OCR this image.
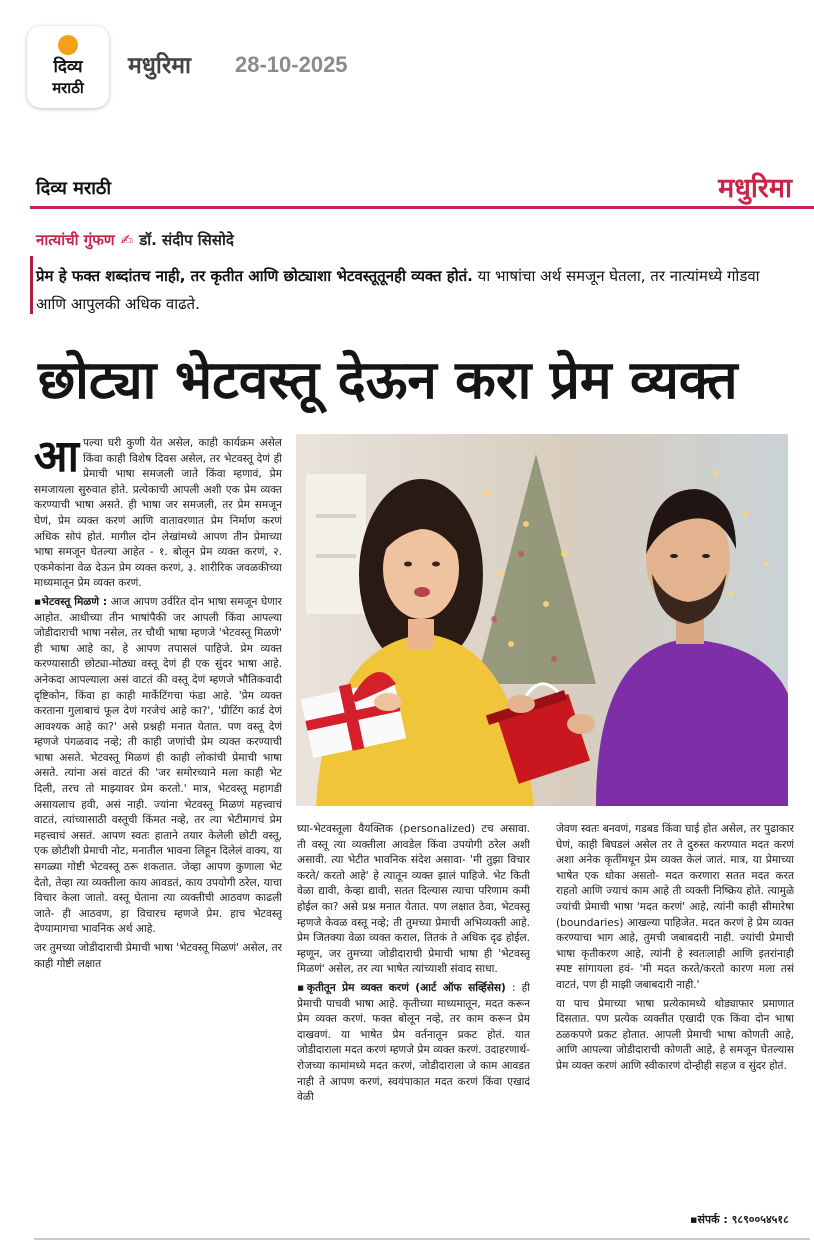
दिव्य
मराठी
मधुरिमा 28-10-2025
दिव्य मराठी	मधुरिमा
नात्यांची गुंफण ✍ डॉ. संदीप सिसोदे
प्रेम हे फक्त शब्दांतच नाही, तर कृतीत आणि छोट्याशा भेटवस्तूतूनही व्यक्त होतं. या भाषांचा अर्थ समजून घेतला, तर नात्यांमध्ये गोडवा आणि आपुलकी अधिक वाढते.
छोट्या भेटवस्तू देऊन करा प्रेम व्यक्त

आपल्या घरी कुणी येत असेल, काही कार्यक्रम असेल किंवा काही विशेष दिवस असेल, तर भेटवस्तू देणं ही प्रेमाची भाषा समजली जाते किंवा म्हणावं, प्रेम समजायला सुरुवात होते. प्रत्येकाची आपली अशी एक प्रेम व्यक्त करण्याची भाषा असते. ही भाषा जर समजली, तर प्रेम समजून घेणं, प्रेम व्यक्त करणं आणि वातावरणात प्रेम निर्माण करणं अधिक सोपं होतं. मागील दोन लेखांमध्ये आपण तीन प्रेमाच्या भाषा समजून घेतल्या आहेत - १. बोलून प्रेम व्यक्त करणं, २. एकमेकांना वेळ देऊन प्रेम व्यक्त करणं, ३. शारीरिक जवळकीच्या माध्यमातून प्रेम व्यक्त करणं.

▪भेटवस्तू मिळणे : आज आपण उर्वरित दोन भाषा समजून घेणार आहोत. आधीच्या तीन भाषांपैकी जर आपली किंवा आपल्या जोडीदाराची भाषा नसेल, तर चौथी भाषा म्हणजे 'भेटवस्तू मिळणे' ही भाषा आहे का, हे आपण तपासलं पाहिजे. प्रेम व्यक्त करण्यासाठी छोट्या-मोठ्या वस्तू देणं ही एक सुंदर भाषा आहे. अनेकदा आपल्याला असं वाटतं की वस्तू देणं म्हणजे भौतिकवादी दृष्टिकोन, किंवा हा काही मार्केटिंगचा फंडा आहे. 'प्रेम व्यक्त करताना गुलाबाचं फूल देणं गरजेचं आहे का?', 'ग्रीटिंग कार्ड देणं आवश्यक आहे का?' असे प्रश्नही मनात येतात. पण वस्तू देणं म्हणजे पंगळवाद नव्हे; ती काही जणांची प्रेम व्यक्त करण्याची भाषा असते. भेटवस्तू मिळणं ही काही लोकांची प्रेमाची भाषा असते. त्यांना असं वाटतं की 'जर समोरच्याने मला काही भेट दिली, तरच तो माझ्यावर प्रेम करतो.' मात्र, भेटवस्तू महागडी असायलाच हवी, असं नाही. ज्यांना भेटवस्तू मिळणं महत्त्वाचं वाटतं, त्यांच्यासाठी वस्तूची किंमत नव्हे, तर त्या भेटीमागचं प्रेम महत्त्वाचं असतं. आपण स्वतः हाताने तयार केलेली छोटी वस्तू, एक छोटीशी प्रेमाची नोट, मनातील भावना लिहून दिलेलं वाक्य, या सगळ्या गोष्टी भेटवस्तू ठरू शकतात. जेव्हा आपण कुणाला भेट देतो, तेव्हा त्या व्यक्तीला काय आवडतं, काय उपयोगी ठरेल, याचा विचार केला जातो. वस्तू घेताना त्या व्यक्तीची आठवण काढली जाते- ही आठवण, हा विचारच म्हणजे प्रेम. हाच भेटवस्तू देण्यामागचा भावनिक अर्थ आहे.

जर तुमच्या जोडीदाराची प्रेमाची भाषा 'भेटवस्तू मिळणं' असेल, तर काही गोष्टी लक्षात

घ्या-भेटवस्तूला वैयक्तिक (personalized) टच असावा. ती वस्तू त्या व्यक्तीला आवडेल किंवा उपयोगी ठरेल अशी असावी. त्या भेटीत भावनिक संदेश असावा- 'मी तुझा विचार करते/ करतो आहे' हे त्यातून व्यक्त झालं पाहिजे. भेट किती वेळा द्यावी, केव्हा द्यावी, सतत दिल्यास त्याचा परिणाम कमी होईल का? असे प्रश्न मनात येतात. पण लक्षात ठेवा, भेटवस्तू म्हणजे केवळ वस्तू नव्हे; ती तुमच्या प्रेमाची अभिव्यक्ती आहे. प्रेम जितक्या वेळा व्यक्त कराल, तितकं ते अधिक दृढ होईल. म्हणून, जर तुमच्या जोडीदाराची प्रेमाची भाषा ही 'भेटवस्तू मिळणं' असेल, तर त्या भाषेत त्यांच्याशी संवाद साधा.

▪कृतीतून प्रेम व्यक्त करणं (आर्ट ऑफ सर्व्हिसेस) : ही प्रेमाची पाचवी भाषा आहे. कृतीच्या माध्यमातून, मदत करून प्रेम व्यक्त करणं. फक्त बोलून नव्हे, तर काम करून प्रेम दाखवणं. या भाषेत प्रेम वर्तनातून प्रकट होतं. यात जोडीदाराला मदत करणं म्हणजे प्रेम व्यक्त करणं. उदाहरणार्थ- रोजच्या कामांमध्ये मदत करणं, जोडीदाराला जे काम आवडत नाही ते आपण करणं, स्वयंपाकात मदत करणं किंवा एखादं वेळी

जेवण स्वतः बनवणं, गडबड किंवा घाई होत असेल, तर पुढाकार घेणं, काही बिघडलं असेल तर ते दुरुस्त करण्यात मदत करणं अशा अनेक कृतींमधून प्रेम व्यक्त केलं जातं. मात्र, या प्रेमाच्या भाषेत एक धोका असतो- मदत करणारा सतत मदत करत राहतो आणि ज्याचं काम आहे ती व्यक्ती निष्क्रिय होते. त्यामुळे ज्यांची प्रेमाची भाषा 'मदत करणं' आहे, त्यांनी काही सीमारेषा (boundaries) आखल्या पाहिजेत. मदत करणं हे प्रेम व्यक्त करण्याचा भाग आहे, तुमची जबाबदारी नाही. ज्यांची प्रेमाची भाषा कृतीकरण आहे, त्यांनी हे स्वतःलाही आणि इतरांनाही स्पष्ट सांगायला हवं- 'मी मदत करते/करतो कारण मला तसं वाटतं, पण ही माझी जबाबदारी नाही.'

या पाच प्रेमाच्या भाषा प्रत्येकामध्ये थोड्याफार प्रमाणात दिसतात. पण प्रत्येक व्यक्तीत एखादी एक किंवा दोन भाषा ठळकपणे प्रकट होतात. आपली प्रेमाची भाषा कोणती आहे, आणि आपल्या जोडीदाराची कोणती आहे, हे समजून घेतल्यास प्रेम व्यक्त करणं आणि स्वीकारणं दोन्हीही सहज व सुंदर होतं.

▪संपर्क : ९८९००५४५१८
